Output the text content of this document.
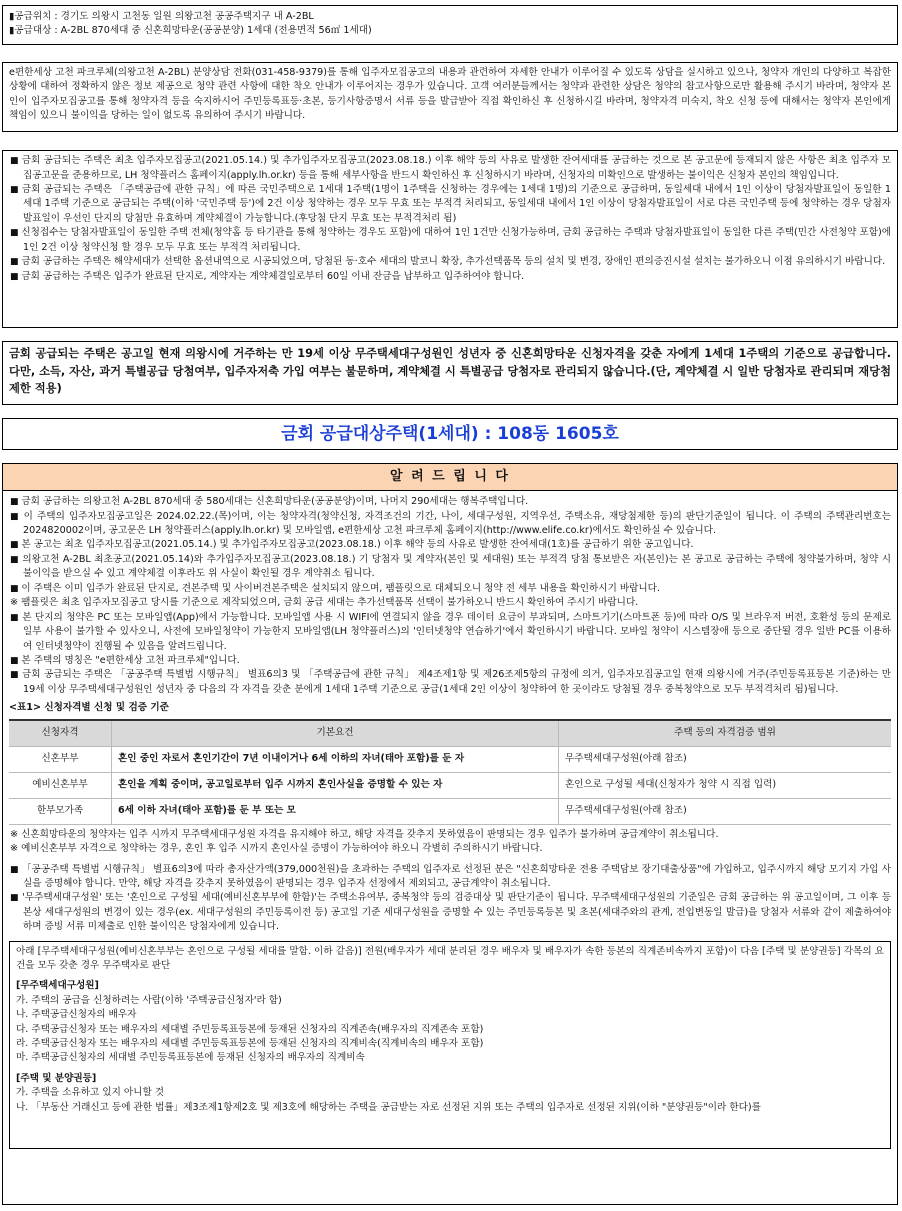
▮공급위치 : 경기도 의왕시 고천동 일원 의왕고천 공공주택지구 내 A-2BL

▮공급대상 : A-2BL 870세대 중 신혼희망타운(공공분양) 1세대 (전용면적 56㎡ 1세대)

e편한세상 고천 파크루체(의왕고천 A-2BL) 분양상담 전화(031-458-9379)를 통해 입주자모집공고의 내용과 관련하여 자세한 안내가 이루어질 수 있도록 상담을 실시하고 있으나, 청약자 개인의 다양하고 복잡한 상황에 대하여 정확하지 않은 정보 제공으로 청약 관련 사항에 대한 착오 안내가 이루어지는 경우가 있습니다. 고객 여러분들께서는 청약과 관련한 상담은 청약의 참고사항으로만 활용해 주시기 바라며, 청약자 본인이 입주자모집공고를 통해 청약자격 등을 숙지하시어 주민등록표등·초본, 등기사항증명서 서류 등을 발급받아 직접 확인하신 후 신청하시길 바라며, 청약자격 미숙지, 착오 신청 등에 대해서는 청약자 본인에게 책임이 있으니 불이익을 당하는 일이 없도록 유의하여 주시기 바랍니다.

■ 금회 공급되는 주택은 최초 입주자모집공고(2021.05.14.) 및 추가입주자모집공고(2023.08.18.) 이후 해약 등의 사유로 발생한 잔여세대를 공급하는 것으로 본 공고문에 등재되지 않은 사항은 최초 입주자 모집공고문을 준용하므로, LH 청약플러스 홈페이지(apply.lh.or.kr) 등을 통해 세부사항을 반드시 확인하신 후 신청하시기 바라며, 신청자의 미확인으로 발생하는 불이익은 신청자 본인의 책임입니다.

■ 금회 공급되는 주택은 「주택공급에 관한 규칙」에 따른 국민주택으로 1세대 1주택(1명이 1주택을 신청하는 경우에는 1세대 1명)의 기준으로 공급하며, 동일세대 내에서 1인 이상이 당첨자발표일이 동일한 1세대 1주택 기준으로 공급되는 주택(이하 '국민주택 등')에 2건 이상 청약하는 경우 모두 무효 또는 부적격 처리되고, 동일세대 내에서 1인 이상이 당첨자발표일이 서로 다른 국민주택 등에 청약하는 경우 당첨자 발표일이 우선인 단지의 당첨만 유효하며 계약체결이 가능합니다.(후당첨 단지 무효 또는 부적격처리 됨)

■ 신청접수는 당첨자발표일이 동일한 주택 전체(청약홈 등 타기관을 통해 청약하는 경우도 포함)에 대하여 1인 1건만 신청가능하며, 금회 공급하는 주택과 당첨자발표일이 동일한 다른 주택(민간 사전청약 포함)에 1인 2건 이상 청약신청 할 경우 모두 무효 또는 부적격 처리됩니다.

■ 금회 공급하는 주택은 해약세대가 선택한 옵션내역으로 시공되었으며, 당첨된 동·호수 세대의 발코니 확장, 추가선택품목 등의 설치 및 변경, 장애인 편의증진시설 설치는 불가하오니 이점 유의하시기 바랍니다.

■ 금회 공급하는 주택은 입주가 완료된 단지로, 계약자는 계약체결일로부터 60일 이내 잔금을 납부하고 입주하여야 합니다.

금회 공급되는 주택은 공고일 현재 의왕시에 거주하는 만 19세 이상 무주택세대구성원인 성년자 중 신혼희망타운 신청자격을 갖춘 자에게 1세대 1주택의 기준으로 공급합니다. 다만, 소득, 자산, 과거 특별공급 당첨여부, 입주자저축 가입 여부는 불문하며, 계약체결 시 특별공급 당첨자로 관리되지 않습니다.(단, 계약체결 시 일반 당첨자로 관리되며 재당첨제한 적용)

금회 공급대상주택(1세대) : 108동 1605호
알 려 드 립 니 다

■ 금회 공급하는 의왕고천 A-2BL 870세대 중 580세대는 신혼희망타운(공공분양)이며, 나머지 290세대는 행복주택입니다.

■ 이 주택의 입주자모집공고일은 2024.02.22.(목)이며, 이는 청약자격(청약신청, 자격조건의 기간, 나이, 세대구성원, 지역우선, 주택소유, 재당첨제한 등)의 판단기준일이 됩니다. 이 주택의 주택관리번호는 2024820002이며, 공고문은 LH 청약플러스(apply.lh.or.kr) 및 모바일앱, e편한세상 고천 파크루체 홈페이지(http://www.elife.co.kr)에서도 확인하실 수 있습니다.

■ 본 공고는 최초 입주자모집공고(2021.05.14.) 및 추가입주자모집공고(2023.08.18.) 이후 해약 등의 사유로 발생한 잔여세대(1호)를 공급하기 위한 공고입니다.

■ 의왕고천 A-2BL 최초공고(2021.05.14)와 추가입주자모집공고(2023.08.18.) 기 당첨자 및 계약자(본인 및 세대원) 또는 부적격 당첨 통보받은 자(본인)는 본 공고로 공급하는 주택에 청약불가하며, 청약 시 불이익을 받으실 수 있고 계약체결 이후라도 위 사실이 확인될 경우 계약취소 됩니다.

■ 이 주택은 이미 입주가 완료된 단지로, 견본주택 및 사이버견본주택은 설치되지 않으며, 팸플릿으로 대체되오니 청약 전 세부 내용을 확인하시기 바랍니다.

※ 팸플릿은 최초 입주자모집공고 당시를 기준으로 제작되었으며, 금회 공급 세대는 추가선택품목 선택이 불가하오니 반드시 확인하여 주시기 바랍니다.

■ 본 단지의 청약은 PC 또는 모바일앱(App)에서 가능합니다. 모바일앱 사용 시 WIFI에 연결되지 않을 경우 데이터 요금이 부과되며, 스마트기기(스마트폰 등)에 따라 O/S 및 브라우저 버전, 호환성 등의 문제로 일부 사용이 불가할 수 있사오니, 사전에 모바일청약이 가능한지 모바일앱(LH 청약플러스)의 '인터넷청약 연습하기'에서 확인하시기 바랍니다. 모바일 청약이 시스템장애 등으로 중단될 경우 일반 PC를 이용하여 인터넷청약이 진행될 수 있음을 알려드립니다.

■ 본 주택의 명칭은 "e편한세상 고천 파크루체"입니다.

■ 금회 공급되는 주택은 「공공주택 특별법 시행규칙」 별표6의3 및 「주택공급에 관한 규칙」 제4조제1항 및 제26조제5항의 규정에 의거, 입주자모집공고일 현재 의왕시에 거주(주민등록표등본 기준)하는 만 19세 이상 무주택세대구성원인 성년자 중 다음의 각 자격을 갖춘 분에게 1세대 1주택 기준으로 공급(1세대 2인 이상이 청약하여 한 곳이라도 당첨될 경우 중복청약으로 모두 부적격처리 됨)됩니다.

<표1> 신청자격별 신청 및 검증 기준

신청자격	기본요건	주택 등의 자격검증 범위
신혼부부	혼인 중인 자로서 혼인기간이 7년 이내이거나 6세 이하의 자녀(태아 포함)를 둔 자	무주택세대구성원(아래 참조)
예비신혼부부	혼인을 계획 중이며, 공고일로부터 입주 시까지 혼인사실을 증명할 수 있는 자	혼인으로 구성될 세대(신청자가 청약 시 직접 입력)
한부모가족	6세 이하 자녀(태아 포함)를 둔 부 또는 모	무주택세대구성원(아래 참조)

※ 신혼희망타운의 청약자는 입주 시까지 무주택세대구성원 자격을 유지해야 하고, 해당 자격을 갖추지 못하였음이 판명되는 경우 입주가 불가하며 공급계약이 취소됩니다.

※ 예비신혼부부 자격으로 청약하는 경우, 혼인 후 입주 시까지 혼인사실 증명이 가능하여야 하오니 각별히 주의하시기 바랍니다.

■ 「공공주택 특별법 시행규칙」 별표6의3에 따라 총자산가액(379,000천원)을 초과하는 주택의 입주자로 선정된 분은 "신혼희망타운 전용 주택담보 장기대출상품"에 가입하고, 입주시까지 해당 모기지 가입 사실을 증명해야 합니다. 만약, 해당 자격을 갖추지 못하였음이 판명되는 경우 입주자 선정에서 제외되고, 공급계약이 취소됩니다.

■ '무주택세대구성원' 또는 '혼인으로 구성될 세대(예비신혼부부에 한함)'는 주택소유여부, 중복청약 등의 검증대상 및 판단기준이 됩니다. 무주택세대구성원의 기준일은 금회 공급하는 위 공고일이며, 그 이후 등본상 세대구성원의 변경이 있는 경우(ex. 세대구성원의 주민등록이전 등) 공고일 기준 세대구성원을 증명할 수 있는 주민등록등본 및 초본(세대주와의 관계, 전입변동일 발급)을 당첨자 서류와 같이 제출하여야하며 증빙 서류 미제출로 인한 불이익은 당첨자에게 있습니다.

아래 [무주택세대구성원(예비신혼부부는 혼인으로 구성될 세대를 말함. 이하 같음)] 전원(배우자가 세대 분리된 경우 배우자 및 배우자가 속한 등본의 직계존비속까지 포함)이 다음 [주택 및 분양권등] 각목의 요건을 모두 갖춘 경우 무주택자로 판단

[무주택세대구성원]

가. 주택의 공급을 신청하려는 사람(이하 '주택공급신청자'라 함)

나. 주택공급신청자의 배우자

다. 주택공급신청자 또는 배우자의 세대별 주민등록표등본에 등재된 신청자의 직계존속(배우자의 직계존속 포함)

라. 주택공급신청자 또는 배우자의 세대별 주민등록표등본에 등재된 신청자의 직계비속(직계비속의 배우자 포함)

마. 주택공급신청자의 세대별 주민등록표등본에 등재된 신청자의 배우자의 직계비속

[주택 및 분양권등]

가. 주택을 소유하고 있지 아니할 것

나. 「부동산 거래신고 등에 관한 법률」제3조제1항제2호 및 제3호에 해당하는 주택을 공급받는 자로 선정된 지위 또는 주택의 입주자로 선정된 지위(이하 "분양권등"이라 한다)를
